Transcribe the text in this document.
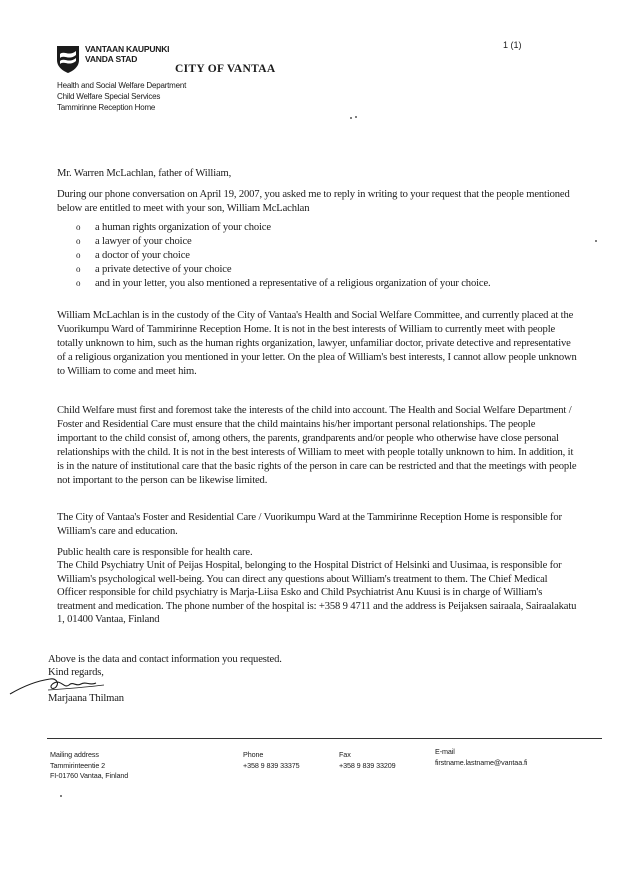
VANTAAN KAUPUNKI
VANDA STAD
CITY OF VANTAA
1 (1)
Health and Social Welfare Department
Child Welfare Special Services
Tammirinne Reception Home
Mr. Warren McLachlan, father of William,
During our phone conversation on April 19, 2007, you asked me to reply in writing to your request that the people mentioned below are entitled to meet with your son, William McLachlan
o a human rights organization of your choice
o a lawyer of your choice
o a doctor of your choice
o a private detective of your choice
o and in your letter, you also mentioned a representative of a religious organization of your choice.
William McLachlan is in the custody of the City of Vantaa's Health and Social Welfare Committee, and currently placed at the Vuorikumpu Ward of Tammirinne Reception Home. It is not in the best interests of William to currently meet with people totally unknown to him, such as the human rights organization, lawyer, unfamiliar doctor, private detective and representative of a religious organization you mentioned in your letter. On the plea of William's best interests, I cannot allow people unknown to William to come and meet him.
Child Welfare must first and foremost take the interests of the child into account. The Health and Social Welfare Department / Foster and Residential Care must ensure that the child maintains his/her important personal relationships. The people important to the child consist of, among others, the parents, grandparents and/or people who otherwise have close personal relationships with the child. It is not in the best interests of William to meet with people totally unknown to him. In addition, it is in the nature of institutional care that the basic rights of the person in care can be restricted and that the meetings with people not important to the person can be likewise limited.
The City of Vantaa's Foster and Residential Care / Vuorikumpu Ward at the Tammirinne Reception Home is responsible for William's care and education.
Public health care is responsible for health care.
The Child Psychiatry Unit of Peijas Hospital, belonging to the Hospital District of Helsinki and Uusimaa, is responsible for William's psychological well-being. You can direct any questions about William's treatment to them. The Chief Medical Officer responsible for child psychiatry is Marja-Liisa Esko and Child Psychiatrist Anu Kuusi is in charge of William's treatment and medication. The phone number of the hospital is: +358 9 4711 and the address is Peijaksen sairaala, Sairaalakatu 1, 01400 Vantaa, Finland
Above is the data and contact information you requested.
Kind regards,
Marjaana Thilman
Mailing address
Tammirinteentie 2
FI-01760 Vantaa, Finland
Phone
+358 9 839 33375
Fax
+358 9 839 33209
E-mail
firstname.lastname@vantaa.fi
